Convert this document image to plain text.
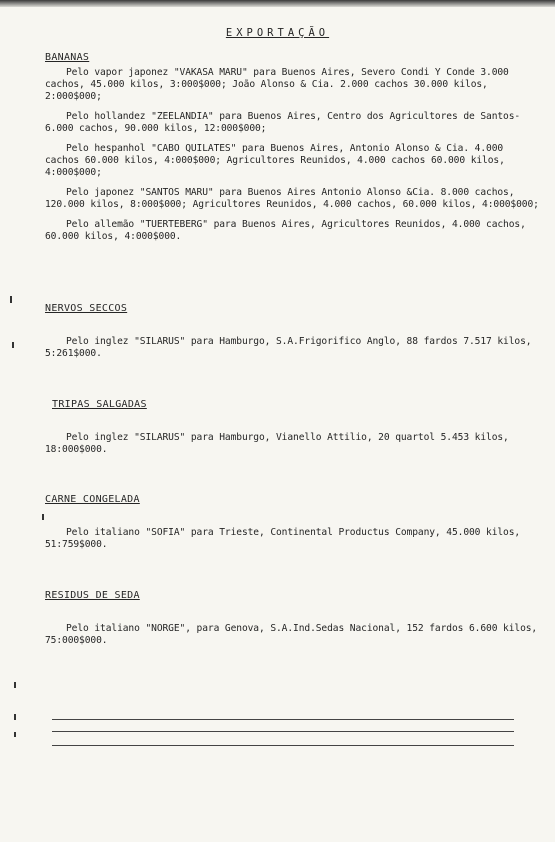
EXPORTAÇÃO
BANANAS

Pelo vapor japonez "VAKASA MARU" para Buenos Aires, Severo Condi Y Conde 3.000 cachos, 45.000 kilos, 3:000$000; João Alonso & Cia. 2.000 cachos 30.000 kilos, 2:000$000;

Pelo hollandez "ZEELANDIA" para Buenos Aires, Centro dos Agricultores de Santos- 6.000 cachos, 90.000 kilos, 12:000$000;

Pelo hespanhol "CABO QUILATES" para Buenos Aires, Antonio Alonso & Cia. 4.000 cachos 60.000 kilos, 4:000$000; Agricultores Reunidos, 4.000 cachos 60.000 kilos, 4:000$000;

Pelo japonez "SANTOS MARU" para Buenos Aires Antonio Alonso &Cia. 8.000 cachos, 120.000 kilos, 8:000$000; Agricultores Reunidos, 4.000 cachos, 60.000 kilos, 4:000$000;

Pelo allemão "TUERTEBERG" para Buenos Aires, Agricultores Reunidos, 4.000 cachos, 60.000 kilos, 4:000$000.

NERVOS SECCOS

Pelo inglez "SILARUS" para Hamburgo, S.A.Frigorifico Anglo, 88 fardos 7.517 kilos, 5:261$000.

TRIPAS SALGADAS

Pelo inglez "SILARUS" para Hamburgo, Vianello Attilio, 20 quartol 5.453 kilos, 18:000$000.

CARNE CONGELADA

Pelo italiano "SOFIA" para Trieste, Continental Productus Company, 45.000 kilos, 51:759$000.

RESIDUS DE SEDA

Pelo italiano "NORGE", para Genova, S.A.Ind.Sedas Nacional, 152 fardos 6.600 kilos, 75:000$000.
